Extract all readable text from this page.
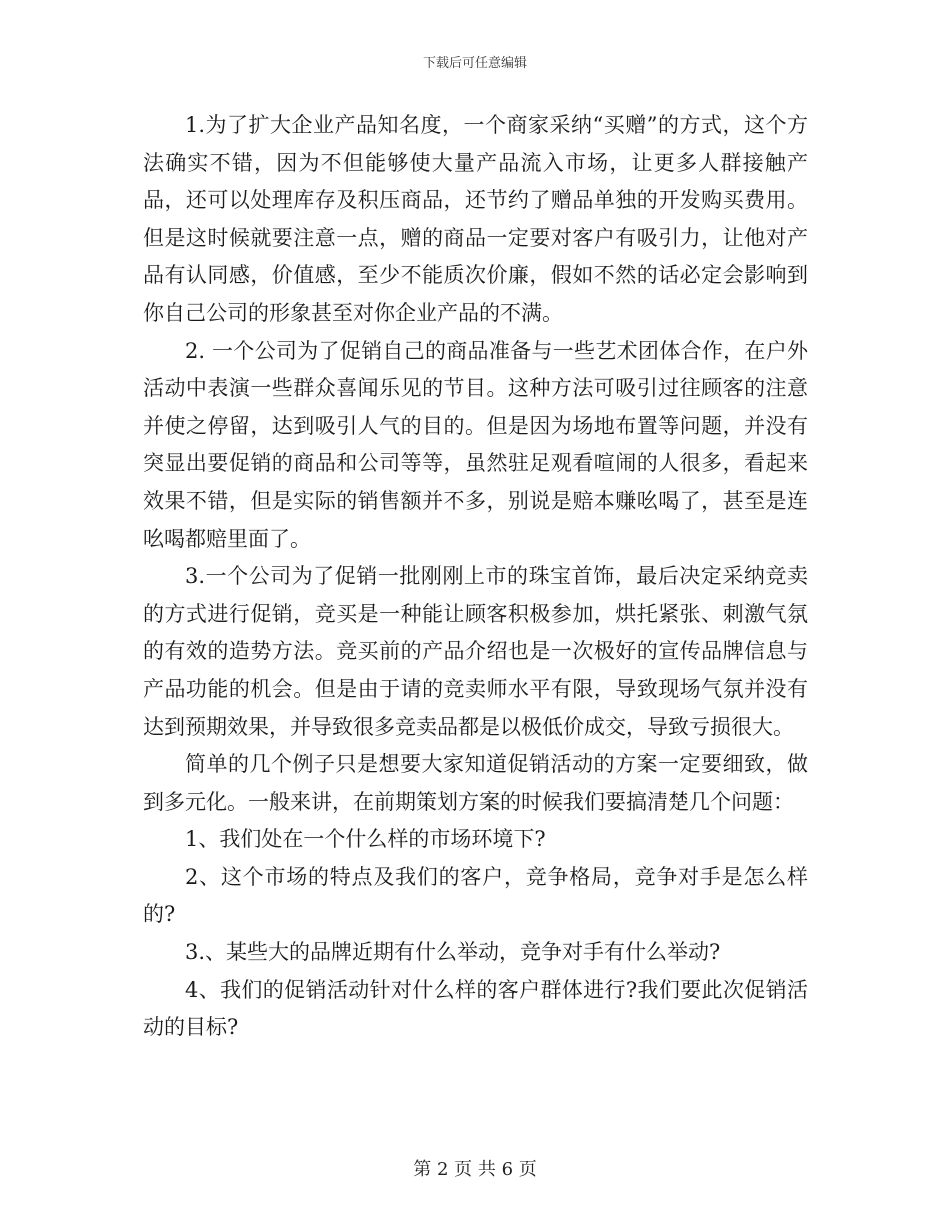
下载后可任意编辑

1.为了扩大企业产品知名度，一个商家采纳“买赠”的方式，这个方法确实不错，因为不但能够使大量产品流入市场，让更多人群接触产品，还可以处理库存及积压商品，还节约了赠品单独的开发购买费用。但是这时候就要注意一点，赠的商品一定要对客户有吸引力，让他对产品有认同感，价值感，至少不能质次价廉，假如不然的话必定会影响到你自己公司的形象甚至对你企业产品的不满。

2. 一个公司为了促销自己的商品准备与一些艺术团体合作，在户外活动中表演一些群众喜闻乐见的节目。这种方法可吸引过往顾客的注意并使之停留，达到吸引人气的目的。但是因为场地布置等问题，并没有突显出要促销的商品和公司等等，虽然驻足观看喧闹的人很多，看起来效果不错，但是实际的销售额并不多，别说是赔本赚吆喝了，甚至是连吆喝都赔里面了。

3.一个公司为了促销一批刚刚上市的珠宝首饰，最后决定采纳竞卖的方式进行促销，竞买是一种能让顾客积极参加，烘托紧张、刺激气氛的有效的造势方法。竞买前的产品介绍也是一次极好的宣传品牌信息与产品功能的机会。但是由于请的竞卖师水平有限，导致现场气氛并没有达到预期效果，并导致很多竞卖品都是以极低价成交，导致亏损很大。

简单的几个例子只是想要大家知道促销活动的方案一定要细致，做到多元化。一般来讲，在前期策划方案的时候我们要搞清楚几个问题：

1、我们处在一个什么样的市场环境下?

2、这个市场的特点及我们的客户，竞争格局，竞争对手是怎么样的?

3.、某些大的品牌近期有什么举动，竞争对手有什么举动?

4、我们的促销活动针对什么样的客户群体进行?我们要此次促销活动的目标?

第 2 页 共 6 页
